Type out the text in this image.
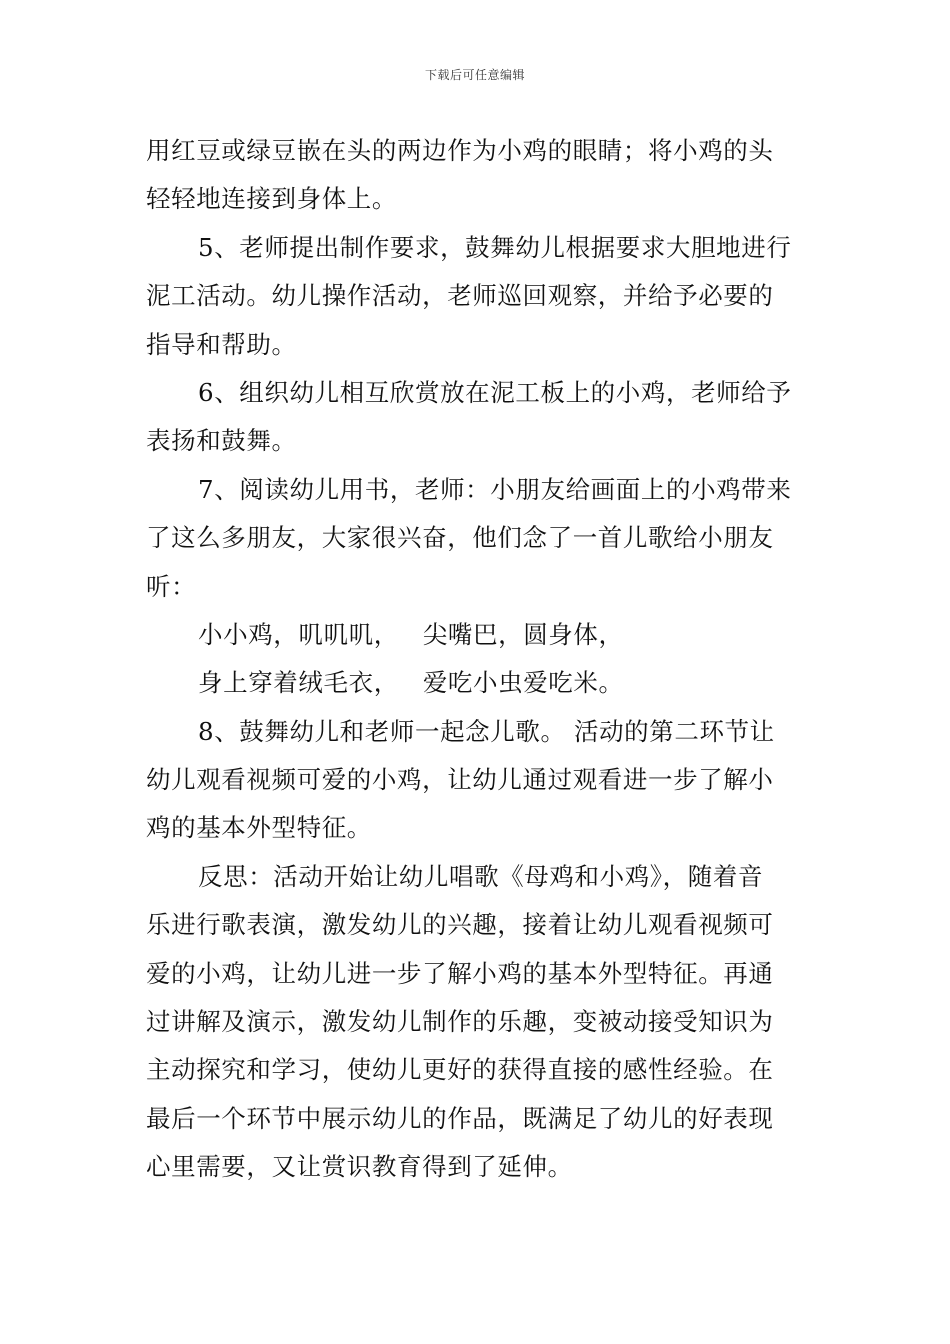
下载后可任意编辑
用红豆或绿豆嵌在头的两边作为小鸡的眼睛；将小鸡的头
轻轻地连接到身体上。
5、老师提出制作要求，鼓舞幼儿根据要求大胆地进行
泥工活动。幼儿操作活动，老师巡回观察，并给予必要的
指导和帮助。
6、组织幼儿相互欣赏放在泥工板上的小鸡，老师给予
表扬和鼓舞。
7、阅读幼儿用书，老师：小朋友给画面上的小鸡带来
了这么多朋友，大家很兴奋，他们念了一首儿歌给小朋友
听：
小小鸡，叽叽叽， 尖嘴巴，圆身体，
身上穿着绒毛衣， 爱吃小虫爱吃米。
8、鼓舞幼儿和老师一起念儿歌。 活动的第二环节让
幼儿观看视频可爱的小鸡，让幼儿通过观看进一步了解小
鸡的基本外型特征。
反思：活动开始让幼儿唱歌《母鸡和小鸡》，随着音
乐进行歌表演，激发幼儿的兴趣，接着让幼儿观看视频可
爱的小鸡，让幼儿进一步了解小鸡的基本外型特征。再通
过讲解及演示，激发幼儿制作的乐趣，变被动接受知识为
主动探究和学习，使幼儿更好的获得直接的感性经验。在
最后一个环节中展示幼儿的作品，既满足了幼儿的好表现
心里需要，又让赏识教育得到了延伸。
